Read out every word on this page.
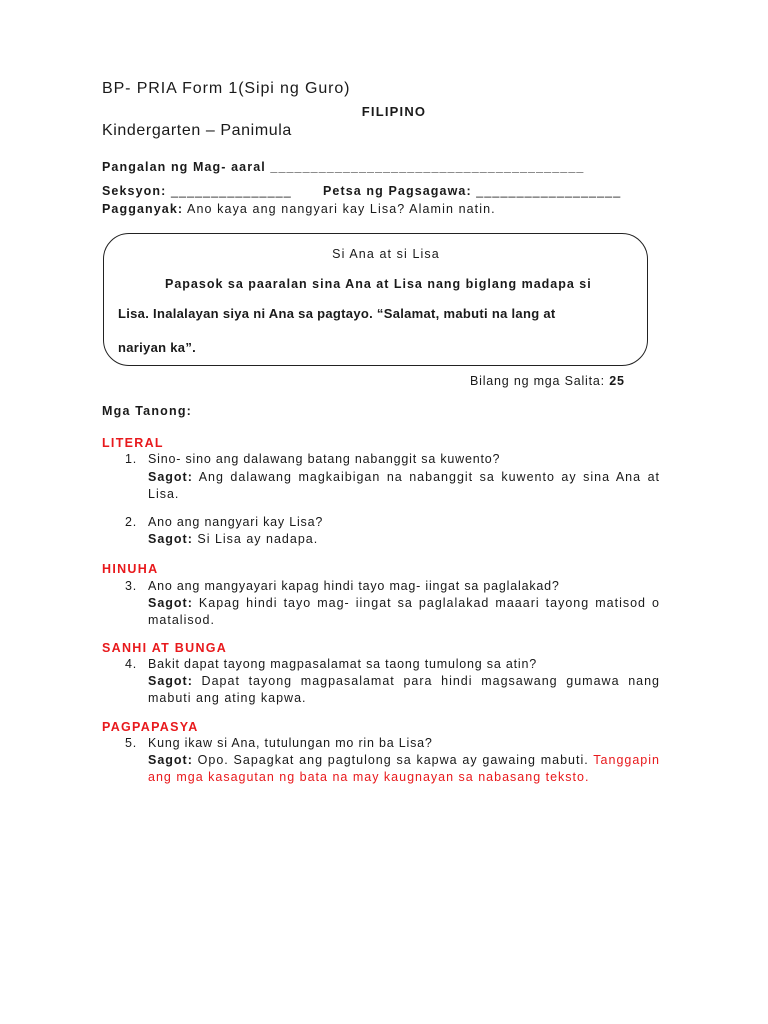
BP- PRIA Form 1(Sipi ng Guro)
FILIPINO
Kindergarten – Panimula
Pangalan ng Mag- aaral _______________________________________
Seksyon: _______________	Petsa ng Pagsagawa: __________________
Pagganyak: Ano kaya ang nangyari kay Lisa? Alamin natin.
Si Ana at si Lisa
Papasok sa paaralan sina Ana at Lisa nang biglang madapa si
Lisa. Inalalayan siya ni Ana sa pagtayo. “Salamat, mabuti na lang at
nariyan ka”.
Bilang ng mga Salita: 25
Mga Tanong:
LITERAL
1. Sino- sino ang dalawang batang nabanggit sa kuwento?
Sagot: Ang dalawang magkaibigan na nabanggit sa kuwento ay sina Ana at Lisa.
2. Ano ang nangyari kay Lisa?
Sagot: Si Lisa ay nadapa.
HINUHA
3. Ano ang mangyayari kapag hindi tayo mag- iingat sa paglalakad?
Sagot: Kapag hindi tayo mag- iingat sa paglalakad maaari tayong matisod o matalisod.
SANHI AT BUNGA
4. Bakit dapat tayong magpasalamat sa taong tumulong sa atin?
Sagot: Dapat tayong magpasalamat para hindi magsawang gumawa nang mabuti ang ating kapwa.
PAGPAPASYA
5. Kung ikaw si Ana, tutulungan mo rin ba Lisa?
Sagot: Opo. Sapagkat ang pagtulong sa kapwa ay gawaing mabuti. Tanggapin ang mga kasagutan ng bata na may kaugnayan sa nabasang teksto.
